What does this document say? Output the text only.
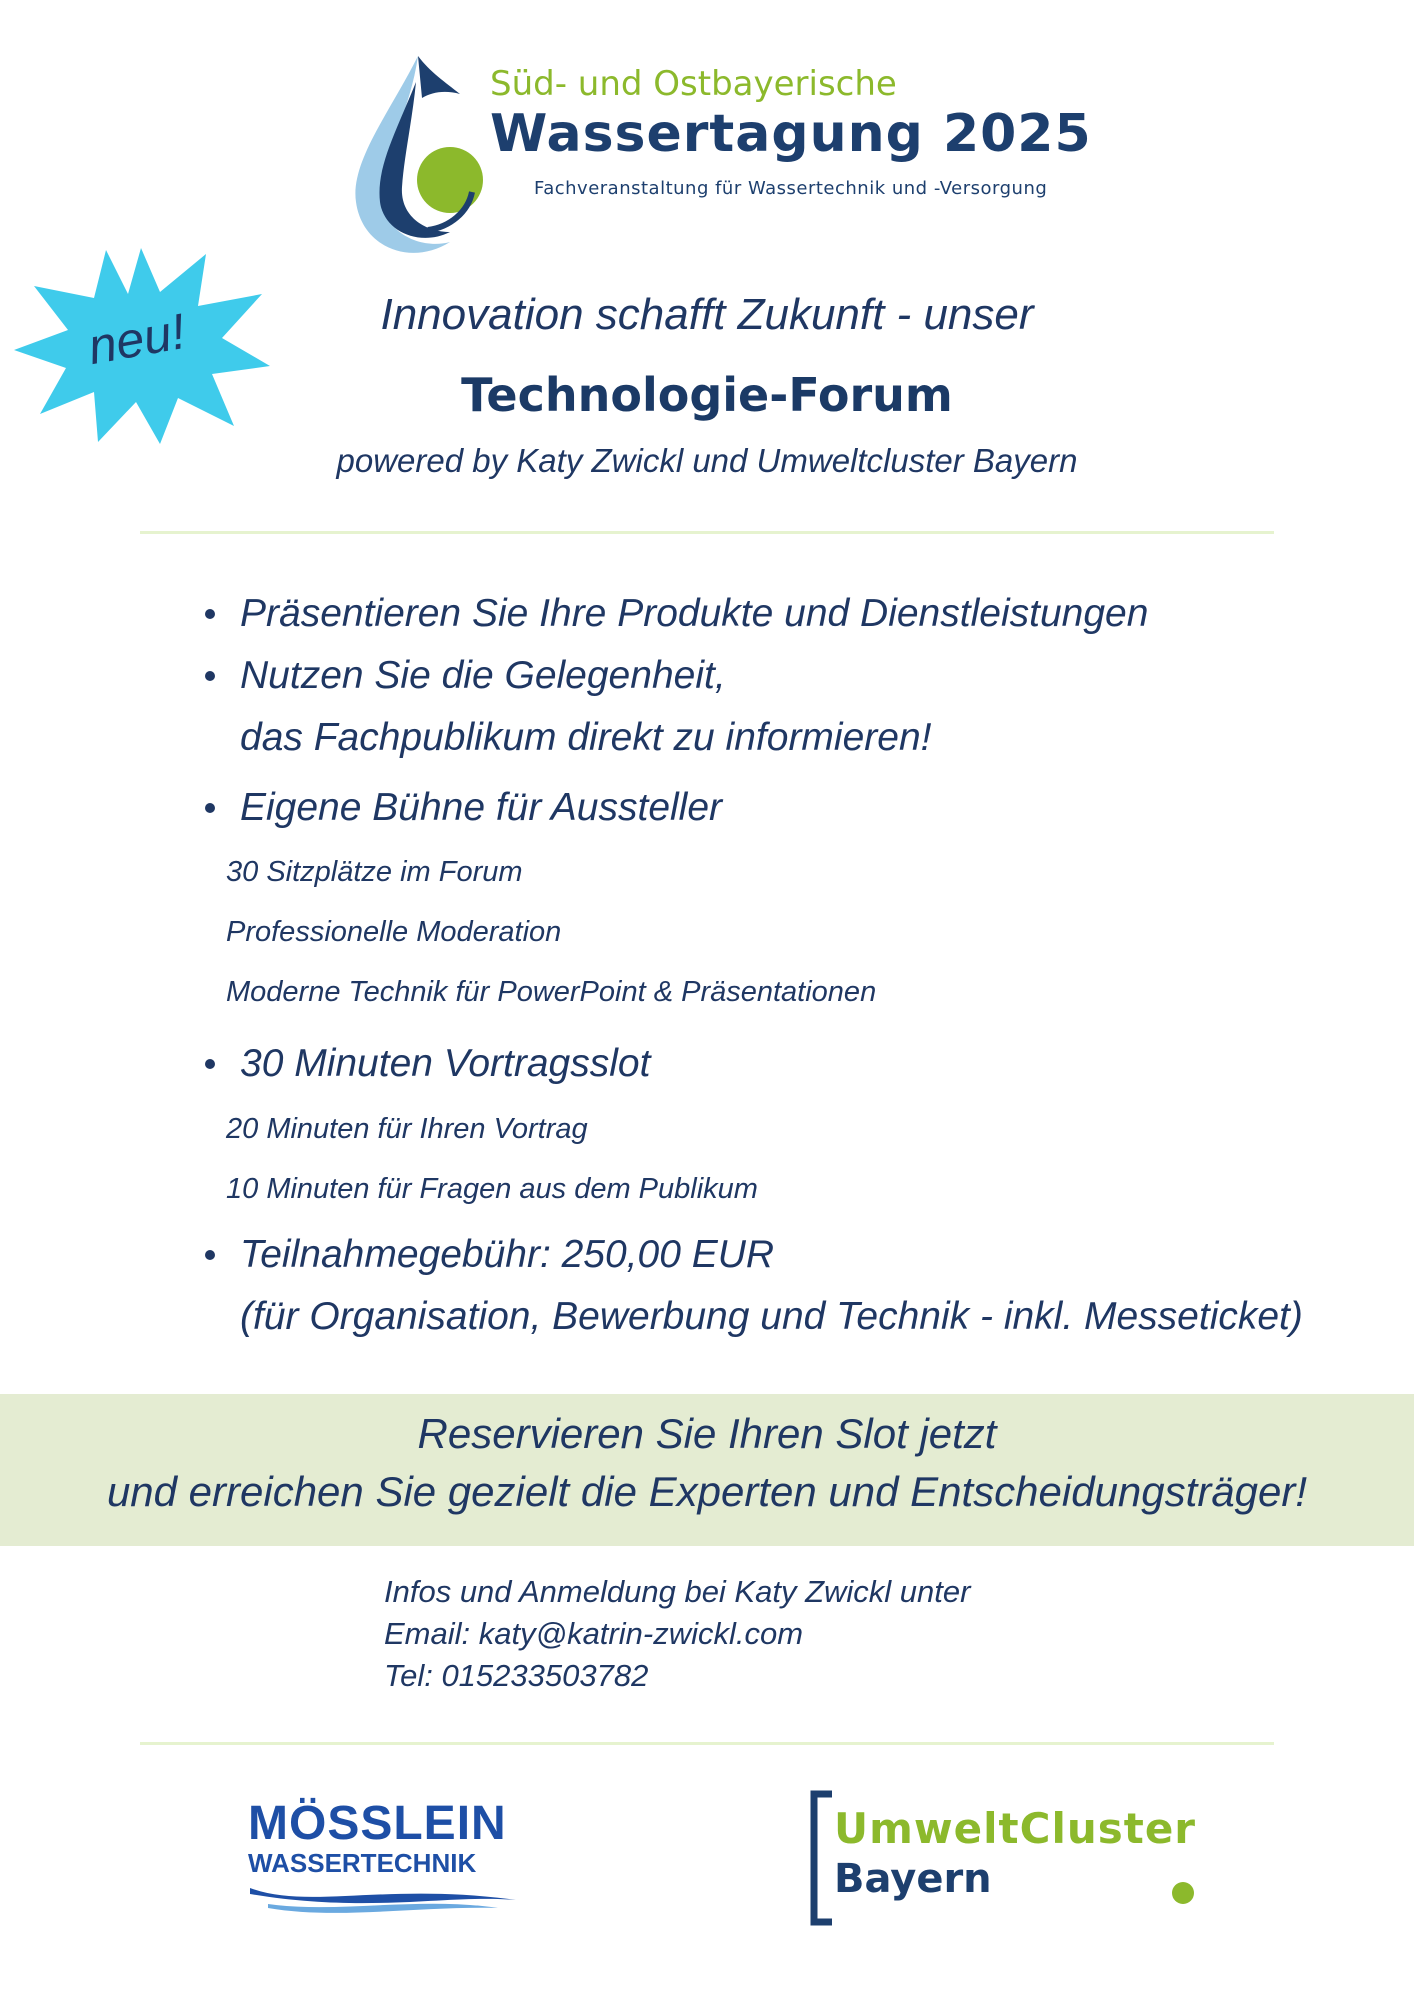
Süd- und Ostbayerische
Wassertagung 2025
Fachveranstaltung für Wassertechnik und -Versorgung
neu!	Innovation schafft Zukunft - unser
Technologie-Forum
powered by Katy Zwickl und Umweltcluster Bayern
Präsentieren Sie Ihre Produkte und Dienstleistungen
Nutzen Sie die Gelegenheit,
das Fachpublikum direkt zu informieren!
Eigene Bühne für Aussteller
30 Sitzplätze im Forum
Professionelle Moderation
Moderne Technik für PowerPoint & Präsentationen
30 Minuten Vortragsslot
20 Minuten für Ihren Vortrag
10 Minuten für Fragen aus dem Publikum
Teilnahmegebühr: 250,00 EUR
(für Organisation, Bewerbung und Technik - inkl. Messeticket)
Reservieren Sie Ihren Slot jetzt
und erreichen Sie gezielt die Experten und Entscheidungsträger!
Infos und Anmeldung bei Katy Zwickl unter
Email: katy@katrin-zwickl.com
Tel: 015233503782
MÖSSLEIN
WASSERTECHNIK
UmweltCluster
Bayern
